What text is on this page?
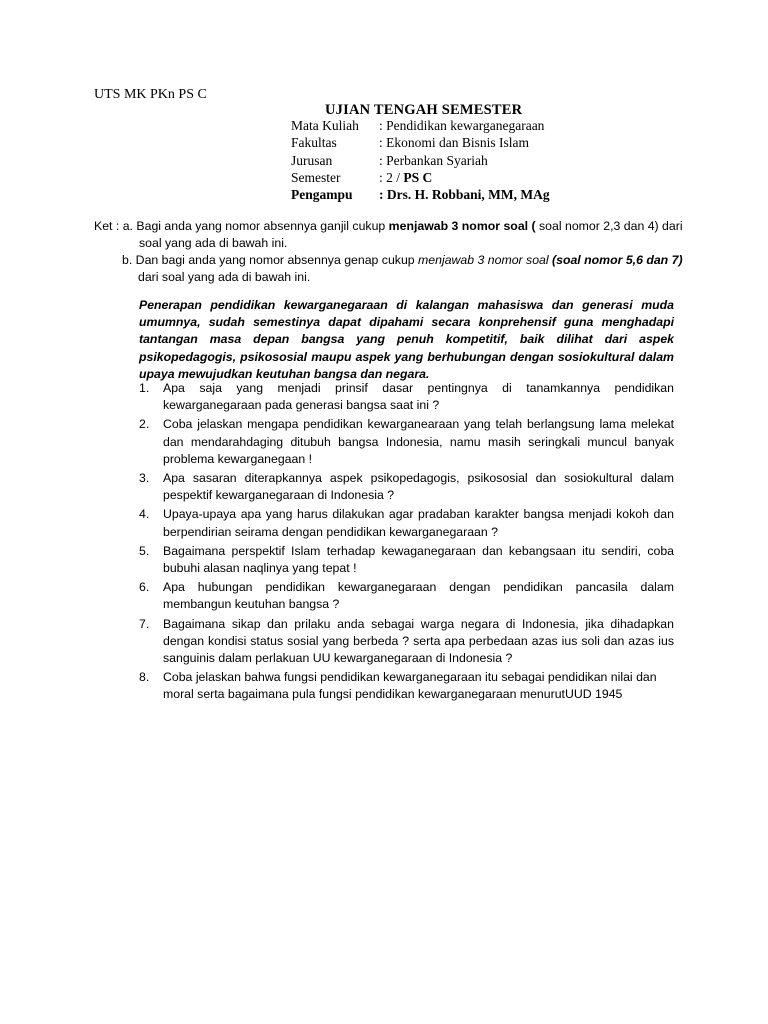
UTS MK PKn PS C
UJIAN TENGAH SEMESTER
Mata Kuliah	: Pendidikan kewarganegaraan
Fakultas	: Ekonomi dan Bisnis Islam
Jurusan	: Perbankan Syariah
Semester	: 2 / PS C
Pengampu	: Drs. H. Robbani, MM, MAg
Ket : a. Bagi anda yang nomor absennya ganjil cukup menjawab 3 nomor soal ( soal nomor 2,3 dan 4) dari soal yang ada di bawah ini.
b. Dan bagi anda yang nomor absennya genap cukup menjawab 3 nomor soal (soal nomor 5,6 dan 7) dari soal yang ada di bawah ini.
Penerapan pendidikan kewarganegaraan di kalangan mahasiswa dan generasi muda umumnya, sudah semestinya dapat dipahami secara konprehensif guna menghadapi tantangan masa depan bangsa yang penuh kompetitif, baik dilihat dari aspek psikopedagogis, psikososial maupu aspek yang berhubungan dengan sosiokultural dalam upaya mewujudkan keutuhan bangsa dan negara.
1.	Apa saja yang menjadi prinsif dasar pentingnya di tanamkannya pendidikan kewarganegaraan pada generasi bangsa saat ini ?
2.	Coba jelaskan mengapa pendidikan kewarganearaan yang telah berlangsung lama melekat dan mendarahdaging ditubuh bangsa Indonesia, namu masih seringkali muncul banyak problema kewarganegaan !
3.	Apa sasaran diterapkannya aspek psikopedagogis, psikososial dan sosiokultural dalam pespektif kewarganegaraan di Indonesia ?
4.	Upaya-upaya apa yang harus dilakukan agar pradaban karakter bangsa menjadi kokoh dan berpendirian seirama dengan pendidikan kewarganegaraan ?
5.	Bagaimana perspektif Islam terhadap kewaganegaraan dan kebangsaan itu sendiri, coba bubuhi alasan naqlinya yang tepat !
6.	Apa hubungan pendidikan kewarganegaraan dengan pendidikan pancasila dalam membangun keutuhan bangsa ?
7.	Bagaimana sikap dan prilaku anda sebagai warga negara di Indonesia, jika dihadapkan dengan kondisi status sosial yang berbeda ? serta apa perbedaan azas ius soli dan azas ius sanguinis dalam perlakuan UU kewarganegaraan di Indonesia ?
8.	Coba jelaskan bahwa fungsi pendidikan kewarganegaraan itu sebagai pendidikan nilai dan moral serta bagaimana pula fungsi pendidikan kewarganegaraan menurutUUD 1945
